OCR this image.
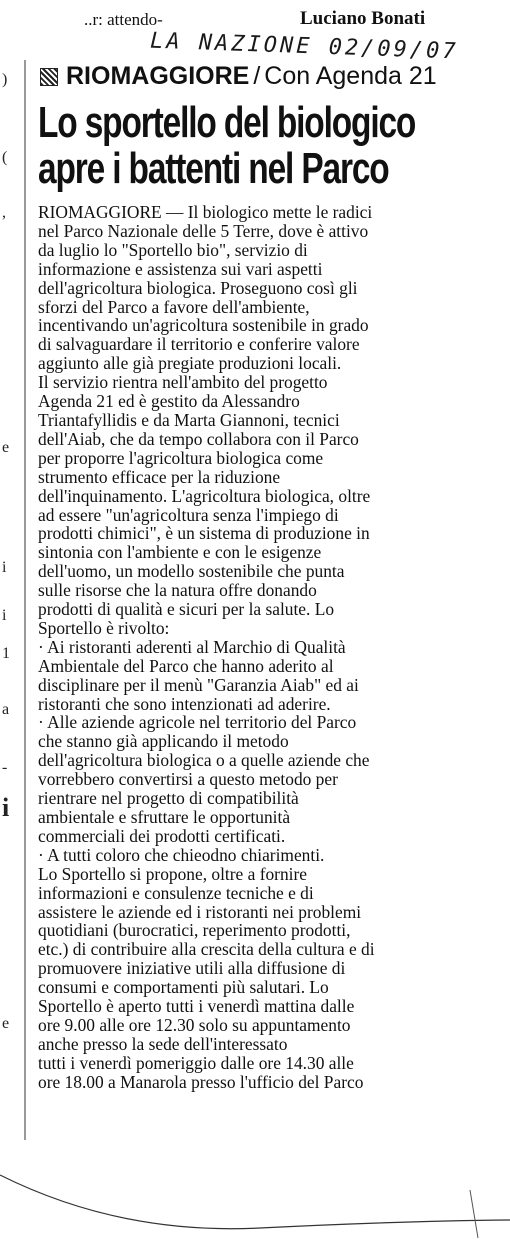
)
(
,
e
i
i
1
a
-
i
e
..r: attendo-	Luciano Bonati
LA NAZIONE 02/09/07
RIOMAGGIORE / Con Agenda 21
Lo sportello del biologico
apre i battenti nel Parco
RIOMAGGIORE — Il biologico mette le radici
nel Parco Nazionale delle 5 Terre, dove è attivo
da luglio lo "Sportello bio", servizio di
informazione e assistenza sui vari aspetti
dell'agricoltura biologica. Proseguono così gli
sforzi del Parco a favore dell'ambiente,
incentivando un'agricoltura sostenibile in grado
di salvaguardare il territorio e conferire valore
aggiunto alle già pregiate produzioni locali.
Il servizio rientra nell'ambito del progetto
Agenda 21 ed è gestito da Alessandro
Triantafyllidis e da Marta Giannoni, tecnici
dell'Aiab, che da tempo collabora con il Parco
per proporre l'agricoltura biologica come
strumento efficace per la riduzione
dell'inquinamento. L'agricoltura biologica, oltre
ad essere "un'agricoltura senza l'impiego di
prodotti chimici", è un sistema di produzione in
sintonia con l'ambiente e con le esigenze
dell'uomo, un modello sostenibile che punta
sulle risorse che la natura offre donando
prodotti di qualità e sicuri per la salute. Lo
Sportello è rivolto:
· Ai ristoranti aderenti al Marchio di Qualità
Ambientale del Parco che hanno aderito al
disciplinare per il menù "Garanzia Aiab" ed ai
ristoranti che sono intenzionati ad aderire.
· Alle aziende agricole nel territorio del Parco
che stanno già applicando il metodo
dell'agricoltura biologica o a quelle aziende che
vorrebbero convertirsi a questo metodo per
rientrare nel progetto di compatibilità
ambientale e sfruttare le opportunità
commerciali dei prodotti certificati.
· A tutti coloro che chieodno chiarimenti.
Lo Sportello si propone, oltre a fornire
informazioni e consulenze tecniche e di
assistere le aziende ed i ristoranti nei problemi
quotidiani (burocratici, reperimento prodotti,
etc.) di contribuire alla crescita della cultura e di
promuovere iniziative utili alla diffusione di
consumi e comportamenti più salutari. Lo
Sportello è aperto tutti i venerdì mattina dalle
ore 9.00 alle ore 12.30 solo su appuntamento
anche presso la sede dell'interessato
tutti i venerdì pomeriggio dalle ore 14.30 alle
ore 18.00 a Manarola presso l'ufficio del Parco
